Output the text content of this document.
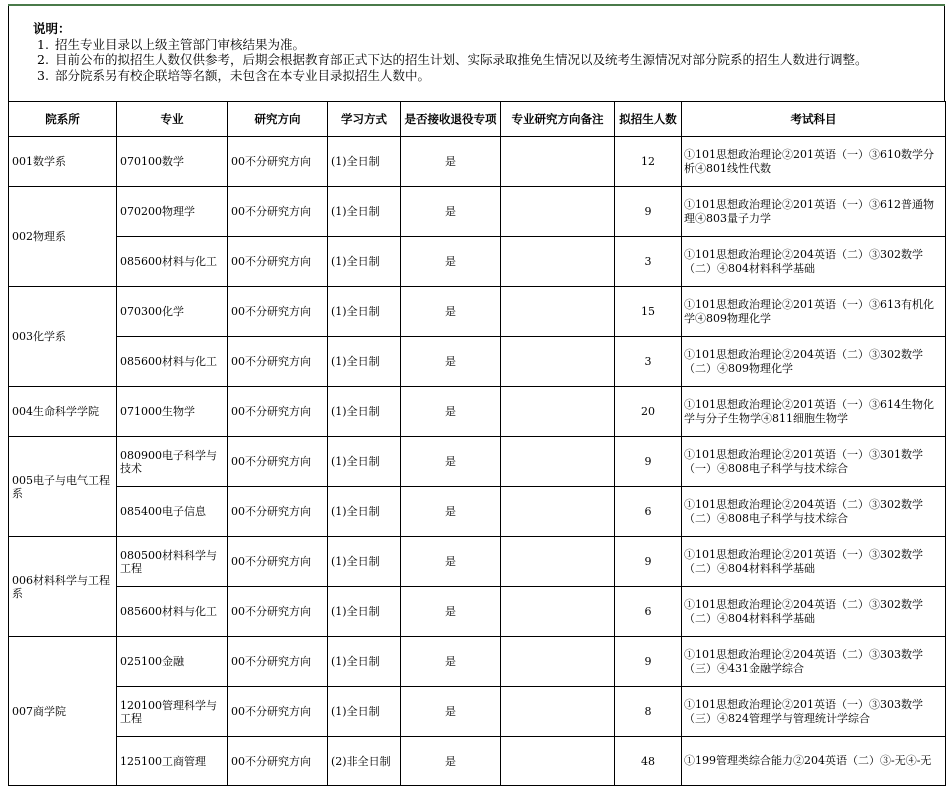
说明：
1. 招生专业目录以上级主管部门审核结果为准。
2. 目前公布的拟招生人数仅供参考，后期会根据教育部正式下达的招生计划、实际录取推免生情况以及统考生源情况对部分院系的招生人数进行调整。
3. 部分院系另有校企联培等名额，未包含在本专业目录拟招生人数中。
院系所	专业	研究方向	学习方式	是否接收退役专项	专业研究方向备注	拟招生人数	考试科目
001数学系	070100数学	00不分研究方向	(1)全日制	是		12	①101思想政治理论②201英语（一）③610数学分析④801线性代数
002物理系	070200物理学	00不分研究方向	(1)全日制	是		9	①101思想政治理论②201英语（一）③612普通物理④803量子力学
	085600材料与化工	00不分研究方向	(1)全日制	是		3	①101思想政治理论②204英语（二）③302数学（二）④804材料科学基础
003化学系	070300化学	00不分研究方向	(1)全日制	是		15	①101思想政治理论②201英语（一）③613有机化学④809物理化学
	085600材料与化工	00不分研究方向	(1)全日制	是		3	①101思想政治理论②204英语（二）③302数学（二）④809物理化学
004生命科学学院	071000生物学	00不分研究方向	(1)全日制	是		20	①101思想政治理论②201英语（一）③614生物化学与分子生物学④811细胞生物学
005电子与电气工程系	080900电子科学与技术	00不分研究方向	(1)全日制	是		9	①101思想政治理论②201英语（一）③301数学（一）④808电子科学与技术综合
	085400电子信息	00不分研究方向	(1)全日制	是		6	①101思想政治理论②204英语（二）③302数学（二）④808电子科学与技术综合
006材料科学与工程系	080500材料科学与工程	00不分研究方向	(1)全日制	是		9	①101思想政治理论②201英语（一）③302数学（二）④804材料科学基础
	085600材料与化工	00不分研究方向	(1)全日制	是		6	①101思想政治理论②204英语（二）③302数学（二）④804材料科学基础
007商学院	025100金融	00不分研究方向	(1)全日制	是		9	①101思想政治理论②204英语（二）③303数学（三）④431金融学综合
	120100管理科学与工程	00不分研究方向	(1)全日制	是		8	①101思想政治理论②201英语（一）③303数学（三）④824管理学与管理统计学综合
	125100工商管理	00不分研究方向	(2)非全日制	是		48	①199管理类综合能力②204英语（二）③-无④-无
